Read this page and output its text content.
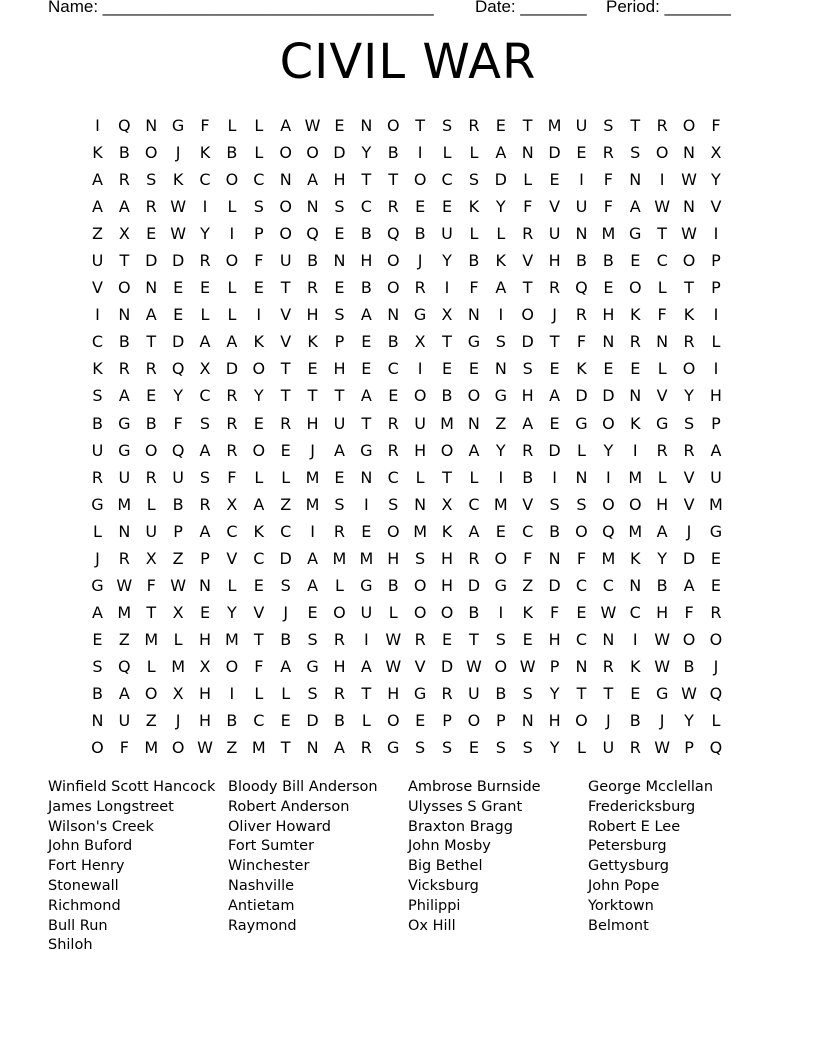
Name: ___________________________________ Date: _______ Period: _______
CIVIL WAR
I	Q N G	F	L	L	A W E N O T	S	R	E	T M U S	T	R O	F
K	B O	J	K	B	L	O O D Y	B	I	L	L	A N D E	R	S O N X
A R	S	K	C O C N A H T	T O C	S D	L	E	I	F	N	I	W Y
A A R W	I	L	S O N S	C R	E	E	K	Y	F	V U	F	A W N V
Z X	E W Y	I	P O Q E	B Q B U	L	L	R U N M G T W	I
U	T D D R O	F	U B N H O	J	Y	B	K	V H B B	E	C O P
V O N E	E	L	E	T	R	E	B O R	I	F	A	T	R Q E O	L	T	P
I	N A	E	L	L	I	V H S	A N G X N	I	O	J	R H K	F	K	I
C B	T D A A	K	V	K	P	E	B X	T G S D T	F	N R N R	L
K	R R Q X D O T	E H E	C	I	E	E N S	E	K	E	E	L	O	I
S	A	E	Y	C R	Y	T	T	T	A	E O B O G H A D D N V	Y H
B G B	F	S	R	E	R H U	T	R U M N Z A	E G O K G S	P
U G O Q A R O E	J	A G R H O A	Y	R D	L	Y	I	R R A
R U R U S	F	L	L M E N C	L	T	L	I	B	I	N	I	M L	V U
G M L	B R X A Z M S	I	S N X C M V	S	S O O H V M
L	N U	P	A C	K	C	I	R	E O M K	A	E	C B O Q M A	J	G
J	R X Z	P	V C D A M M H S H R O	F	N	F M K	Y D E
G W F W N	L	E	S	A	L	G B O H D G Z D C C N B A	E
A M T	X	E	Y	V	J	E O U	L	O O B	I	K	F	E W C H	F	R
E	Z M L	H M T	B	S	R	I	W R	E	T	S	E H C N	I	W O O
S Q	L M X O	F	A G H A W V D W O W P	N R	K W B	J
B A O X H	I	L	L	S	R	T H G R U B	S	Y	T	T	E G W Q
N U Z	J	H B C	E D B	L	O E	P O P	N H O	J	B	J	Y	L
O	F M O W Z M T	N A R G S	S	E	S	S	Y	L	U R W P Q
Winfield Scott Hancock
James Longstreet
Wilson's Creek
John Buford
Fort Henry
Stonewall
Richmond
Bull Run
Shiloh
Bloody Bill Anderson
Robert Anderson
Oliver Howard
Fort Sumter
Winchester
Nashville
Antietam
Raymond
Ambrose Burnside
Ulysses S Grant
Braxton Bragg
John Mosby
Big Bethel
Vicksburg
Philippi
Ox Hill
George Mcclellan
Fredericksburg
Robert E Lee
Petersburg
Gettysburg
John Pope
Yorktown
Belmont
